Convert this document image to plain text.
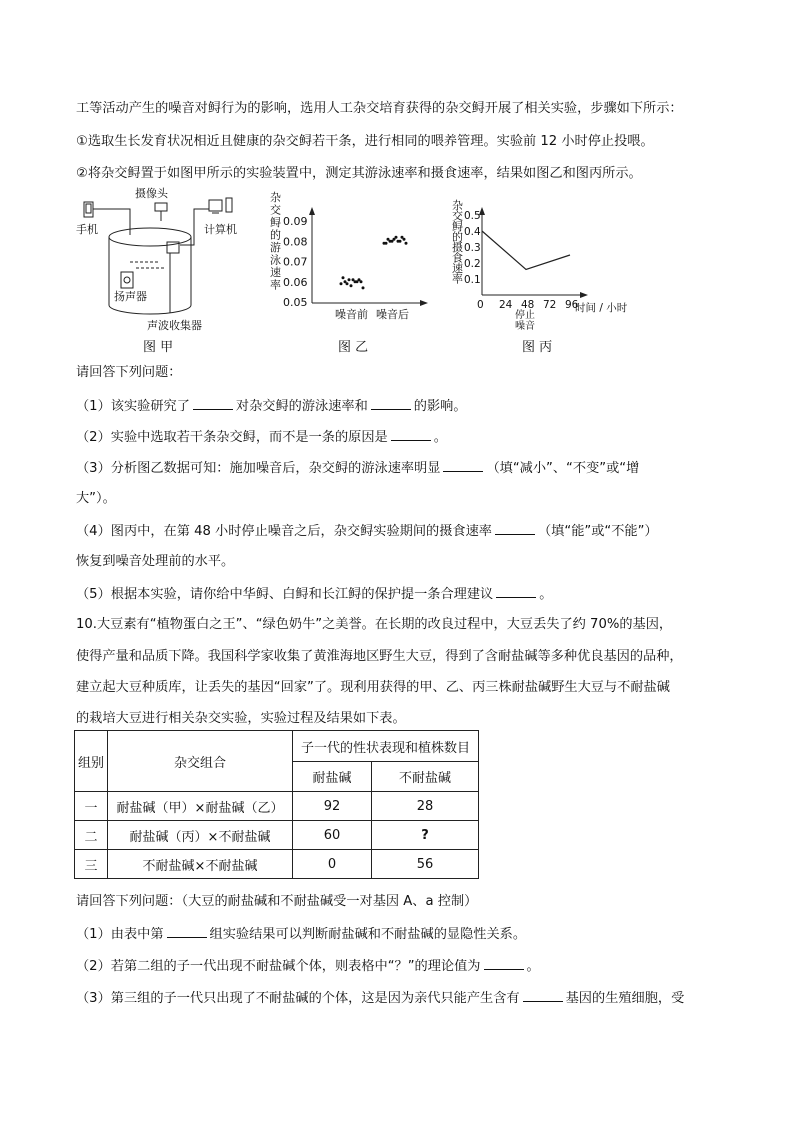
工等活动产生的噪音对鲟行为的影响，选用人工杂交培育获得的杂交鲟开展了相关实验，步骤如下所示：
①选取生长发育状况相近且健康的杂交鲟若干条，进行相同的喂养管理。实验前 12 小时停止投喂。
②将杂交鲟置于如图甲所示的实验装置中，测定其游泳速率和摄食速率，结果如图乙和图丙所示。
摄像头
手机	计算机
扬声器
声波收集器
图 甲
杂
交
鲟
的
游
泳
速
率
0.09
0.08
0.07
0.06
0.05
噪音前 噪音后
图 乙
杂
交
鲟
的
摄
食
速
率
0.5
0.4
0.3
0.2
0.1
0 24 48 72 96
停止
噪音
时间 / 小时
图 丙
请回答下列问题：
（1）该实验研究了	对杂交鲟的游泳速率和	的影响。
（2）实验中选取若干条杂交鲟，而不是一条的原因是	。
（3）分析图乙数据可知：施加噪音后，杂交鲟的游泳速率明显	（填“减小”、“不变”或“增
大”）。
（4）图丙中，在第 48 小时停止噪音之后，杂交鲟实验期间的摄食速率	（填“能”或“不能”）
恢复到噪音处理前的水平。
（5）根据本实验，请你给中华鲟、白鲟和长江鲟的保护提一条合理建议	。
10.大豆素有“植物蛋白之王”、“绿色奶牛”之美誉。在长期的改良过程中，大豆丢失了约 70%的基因，
使得产量和品质下降。我国科学家收集了黄淮海地区野生大豆，得到了含耐盐碱等多种优良基因的品种，
建立起大豆种质库，让丢失的基因“回家”了。现利用获得的甲、乙、丙三株耐盐碱野生大豆与不耐盐碱
的栽培大豆进行相关杂交实验，实验过程及结果如下表。
组别	杂交组合	子一代的性状表现和植株数目	
		耐盐碱	不耐盐碱
一	耐盐碱（甲）×耐盐碱（乙）	92	28
二	耐盐碱（丙）×不耐盐碱	60	?
三	不耐盐碱×不耐盐碱	0	56
请回答下列问题：（大豆的耐盐碱和不耐盐碱受一对基因 A、a 控制）
（1）由表中第	组实验结果可以判断耐盐碱和不耐盐碱的显隐性关系。
（2）若第二组的子一代出现不耐盐碱个体，则表格中“？”的理论值为	。
（3）第三组的子一代只出现了不耐盐碱的个体，这是因为亲代只能产生含有	基因的生殖细胞，受
